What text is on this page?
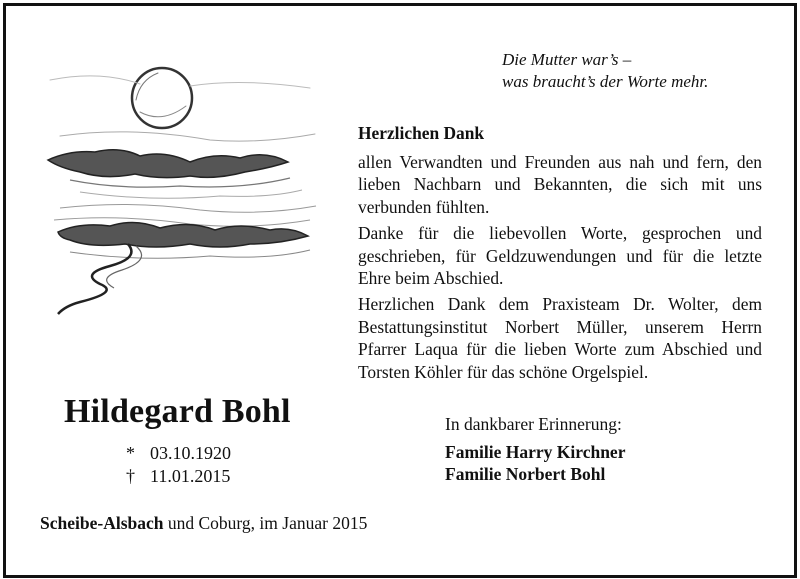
Die Mutter war’s –
was braucht’s der Worte mehr.
Herzlichen Dank

allen Verwandten und Freunden aus nah und fern, den lieben Nachbarn und Bekannten, die sich mit uns verbunden fühlten.

Danke für die liebevollen Worte, gesprochen und geschrieben, für Geldzuwendungen und für die letzte Ehre beim Abschied.

Herzlichen Dank dem Praxisteam Dr. Wolter, dem Bestattungsinstitut Norbert Müller, unserem Herrn Pfarrer Laqua für die lieben Worte zum Abschied und Torsten Köhler für das schöne Orgelspiel.

Hildegard Bohl
* 03.10.1920
† 11.01.2015
In dankbarer Erinnerung:
Familie Harry Kirchner
Familie Norbert Bohl
Scheibe-Alsbach und Coburg, im Januar 2015
